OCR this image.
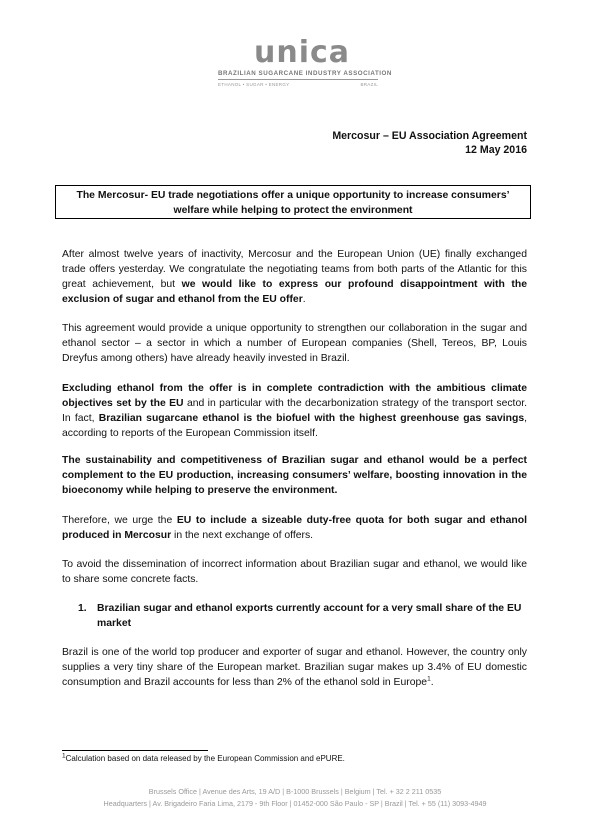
unica
BRAZILIAN SUGARCANE INDUSTRY ASSOCIATION
ETHANOL • SUGAR • ENERGY	BRAZIL
Mercosur – EU Association Agreement
12 May 2016
The Mercosur- EU trade negotiations offer a unique opportunity to increase consumers’
welfare while helping to protect the environment

After almost twelve years of inactivity, Mercosur and the European Union (UE) finally exchanged trade offers yesterday. We congratulate the negotiating teams from both parts of the Atlantic for this great achievement, but we would like to express our profound disappointment with the exclusion of sugar and ethanol from the EU offer.

This agreement would provide a unique opportunity to strengthen our collaboration in the sugar and ethanol sector – a sector in which a number of European companies (Shell, Tereos, BP, Louis Dreyfus among others) have already heavily invested in Brazil.

Excluding ethanol from the offer is in complete contradiction with the ambitious climate objectives set by the EU and in particular with the decarbonization strategy of the transport sector. In fact, Brazilian sugarcane ethanol is the biofuel with the highest greenhouse gas savings, according to reports of the European Commission itself.

The sustainability and competitiveness of Brazilian sugar and ethanol would be a perfect complement to the EU production, increasing consumers’ welfare, boosting innovation in the bioeconomy while helping to preserve the environment.

Therefore, we urge the EU to include a sizeable duty-free quota for both sugar and ethanol produced in Mercosur in the next exchange of offers.

To avoid the dissemination of incorrect information about Brazilian sugar and ethanol, we would like to share some concrete facts.

1. Brazilian sugar and ethanol exports currently account for a very small share of the EU market

Brazil is one of the world top producer and exporter of sugar and ethanol. However, the country only supplies a very tiny share of the European market. Brazilian sugar makes up 3.4% of EU domestic consumption and Brazil accounts for less than 2% of the ethanol sold in Europe$^1$.

$^1$Calculation based on data released by the European Commission and ePURE.
Brussels Office | Avenue des Arts, 19 A/D | B-1000 Brussels | Belgium | Tel. + 32 2 211 0535
Headquarters | Av. Brigadeiro Faria Lima, 2179 - 9th Floor | 01452-000 São Paulo - SP | Brazil | Tel. + 55 (11) 3093-4949
